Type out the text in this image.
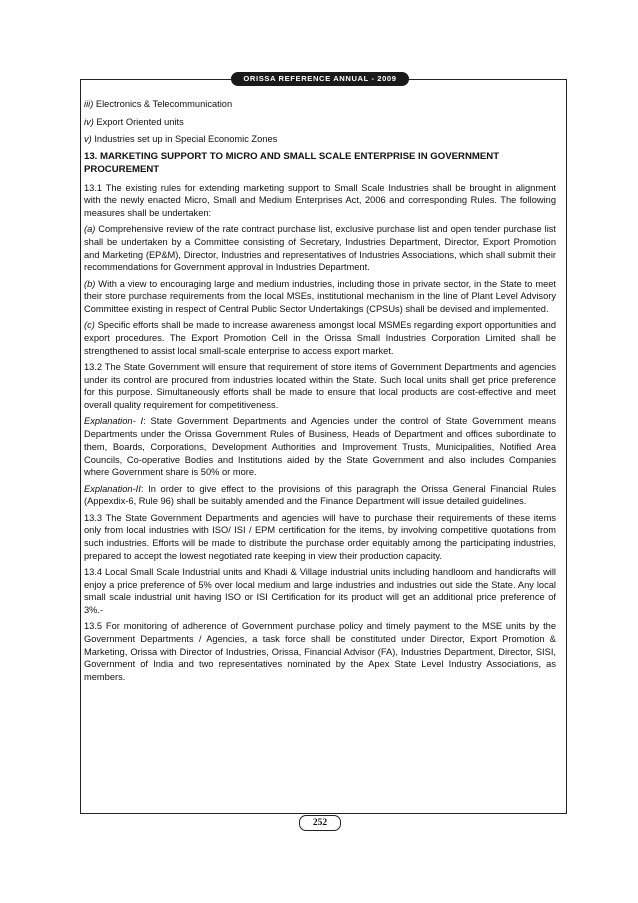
ORISSA REFERENCE ANNUAL - 2009

iii) Electronics & Telecommunication

iv) Export Oriented units

v) Industries set up in Special Economic Zones

13. MARKETING SUPPORT TO MICRO AND SMALL SCALE ENTERPRISE IN GOVERNMENT PROCUREMENT

13.1 The existing rules for extending marketing support to Small Scale Industries shall be brought in alignment with the newly enacted Micro, Small and Medium Enterprises Act, 2006 and corresponding Rules. The following measures shall be undertaken:

(a) Comprehensive review of the rate contract purchase list, exclusive purchase list and open tender purchase list shall be undertaken by a Committee consisting of Secretary, Industries Department, Director, Export Promotion and Marketing (EP&M), Director, Industries and representatives of Industries Associations, which shall submit their recommendations for Government approval in Industries Department.

(b) With a view to encouraging large and medium industries, including those in private sector, in the State to meet their store purchase requirements from the local MSEs, institutional mechanism in the line of Plant Level Advisory Committee existing in respect of Central Public Sector Undertakings (CPSUs) shall be devised and implemented.

(c) Specific efforts shall be made to increase awareness amongst local MSMEs regarding export opportunities and export procedures. The Export Promotion Cell in the Orissa Small Industries Corporation Limited shall be strengthened to assist local small-scale enterprise to access export market.

13.2 The State Government will ensure that requirement of store items of Government Departments and agencies under its control are procured from industries located within the State. Such local units shall get price preference for this purpose. Simultaneously efforts shall be made to ensure that local products are cost-effective and meet overall quality requirement for competitiveness.

Explanation- I: State Government Departments and Agencies under the control of State Government means Departments under the Orissa Government Rules of Business, Heads of Department and offices subordinate to them, Boards, Corporations, Development Authorities and Improvement Trusts, Municipalities, Notified Area Councils, Co-operative Bodies and Institutions aided by the State Government and also includes Companies where Government share is 50% or more.

Explanation-II: In order to give effect to the provisions of this paragraph the Orissa General Financial Rules (Appexdix-6, Rule 96) shall be suitably amended and the Finance Department will issue detailed guidelines.

13.3 The State Government Departments and agencies will have to purchase their requirements of these items only from local industries with ISO/ ISI / EPM certification for the items, by involving competitive quotations from such industries. Efforts will be made to distribute the purchase order equitably among the participating industries, prepared to accept the lowest negotiated rate keeping in view their production capacity.

13.4 Local Small Scale Industrial units and Khadi & Village industrial units including handloom and handicrafts will enjoy a price preference of 5% over local medium and large industries and industries out side the State. Any local small scale industrial unit having ISO or ISI Certification for its product will get an additional price preference of 3%.-

13.5 For monitoring of adherence of Government purchase policy and timely payment to the MSE units by the Government Departments / Agencies, a task force shall be constituted under Director, Export Promotion & Marketing, Orissa with Director of Industries, Orissa, Financial Advisor (FA), Industries Department, Director, SISI, Government of India and two representatives nominated by the Apex State Level Industry Associations, as members.

252
